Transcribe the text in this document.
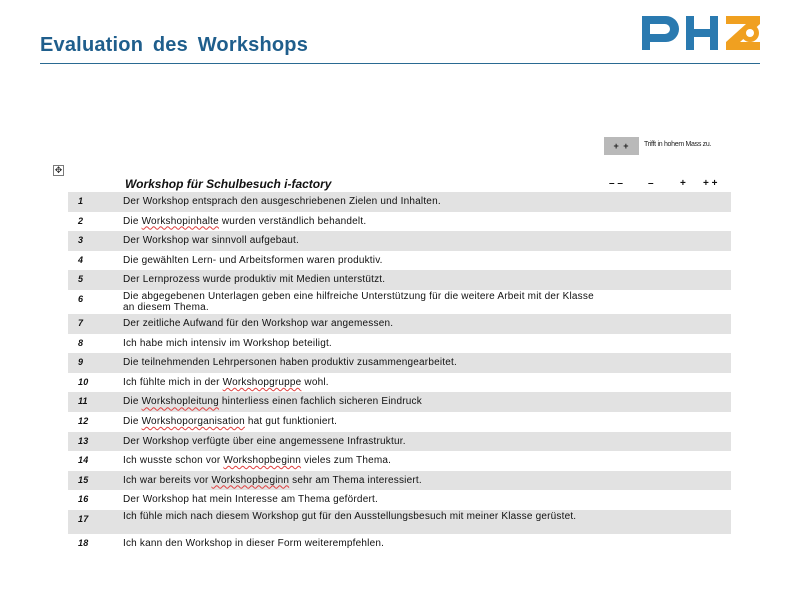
Evaluation des Workshops
+ +	Trifft in hohem Mass zu.
✥
Workshop für Schulbesuch i-factory	– –	–	+ + +
1	Der Workshop entsprach den ausgeschriebenen Zielen und Inhalten.
2	Die Workshopinhalte wurden verständlich behandelt.
3	Der Workshop war sinnvoll aufgebaut.
4	Die gewählten Lern- und Arbeitsformen waren produktiv.
5	Der Lernprozess wurde produktiv mit Medien unterstützt.
6	Die abgegebenen Unterlagen geben eine hilfreiche Unterstützung für die weitere Arbeit mit der Klasse an diesem Thema.
7	Der zeitliche Aufwand für den Workshop war angemessen.
8	Ich habe mich intensiv im Workshop beteiligt.
9	Die teilnehmenden Lehrpersonen haben produktiv zusammengearbeitet.
10	Ich fühlte mich in der Workshopgruppe wohl.
11	Die Workshopleitung hinterliess einen fachlich sicheren Eindruck
12	Die Workshoporganisation hat gut funktioniert.
13	Der Workshop verfügte über eine angemessene Infrastruktur.
14	Ich wusste schon vor Workshopbeginn vieles zum Thema.
15	Ich war bereits vor Workshopbeginn sehr am Thema interessiert.
16	Der Workshop hat mein Interesse am Thema gefördert.
17	Ich fühle mich nach diesem Workshop gut für den Ausstellungsbesuch mit meiner Klasse gerüstet.
18	Ich kann den Workshop in dieser Form weiterempfehlen.
